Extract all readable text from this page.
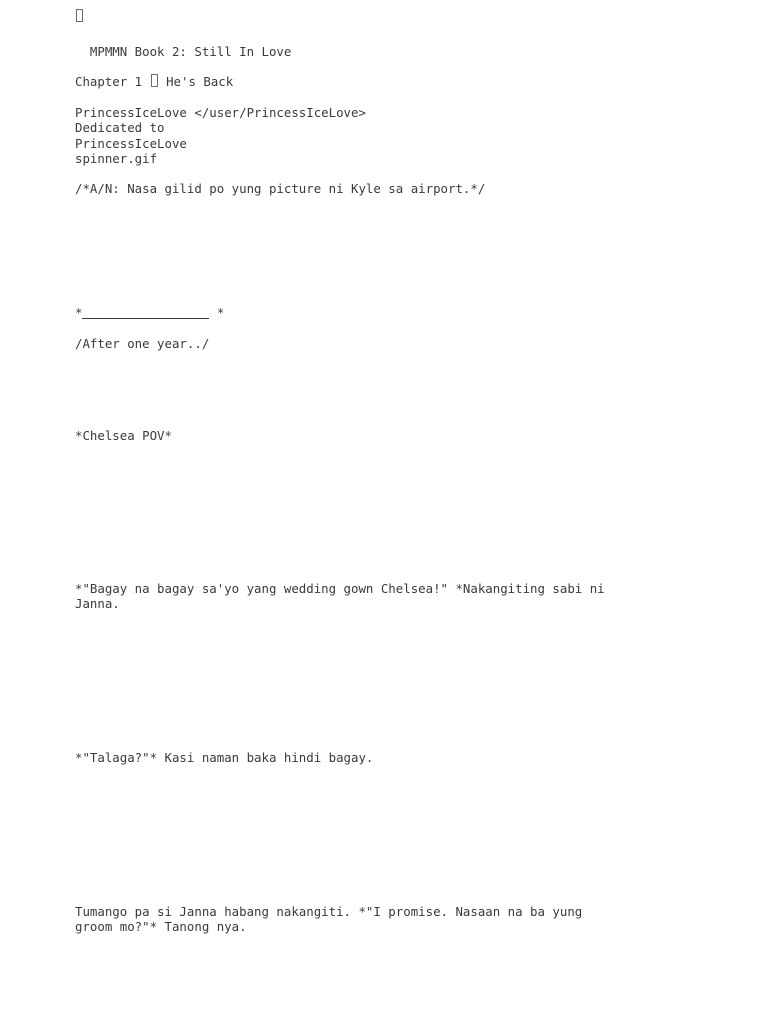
MPMMN Book 2: Still In Love
Chapter 1  He's Back
PrincessIceLove </user/PrincessIceLove>
Dedicated to
PrincessIceLove
spinner.gif
/*A/N: Nasa gilid po yung picture ni Kyle sa airport.*/
*	*
/After one year../
*Chelsea POV*
*"Bagay na bagay sa'yo yang wedding gown Chelsea!" *Nakangiting sabi ni Janna.
*"Talaga?"* Kasi naman baka hindi bagay.
Tumango pa si Janna habang nakangiti. *"I promise. Nasaan na ba yung groom mo?"* Tanong nya.
